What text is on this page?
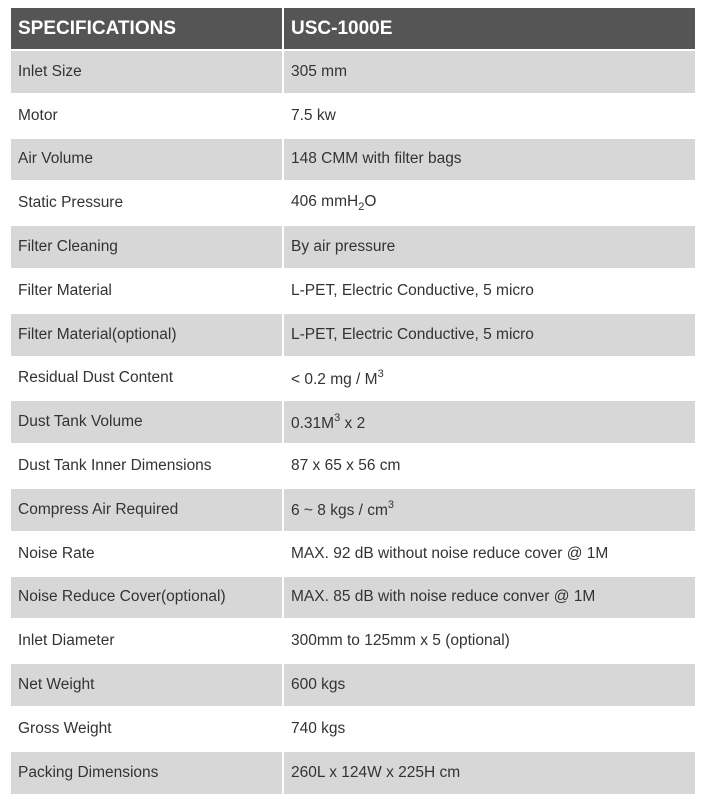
SPECIFICATIONS	USC-1000E
Inlet Size	305 mm
Motor	7.5 kw
Air Volume	148 CMM with filter bags
Static Pressure	406 mmH$_2$O
Filter Cleaning	By air pressure
Filter Material	L-PET, Electric Conductive, 5 micro
Filter Material(optional)	L-PET, Electric Conductive, 5 micro
Residual Dust Content	< 0.2 mg / $M^3$
Dust Tank Volume	$0.31M^3$ x 2
Dust Tank Inner Dimensions	87 x 65 x 56 cm
Compress Air Required	6 ~ 8 kgs / $cm^3$
Noise Rate	MAX. 92 dB without noise reduce cover @ 1M
Noise Reduce Cover(optional)	MAX. 85 dB with noise reduce conver @ 1M
Inlet Diameter	300mm to 125mm x 5 (optional)
Net Weight	600 kgs
Gross Weight	740 kgs
Packing Dimensions	260L x 124W x 225H cm
